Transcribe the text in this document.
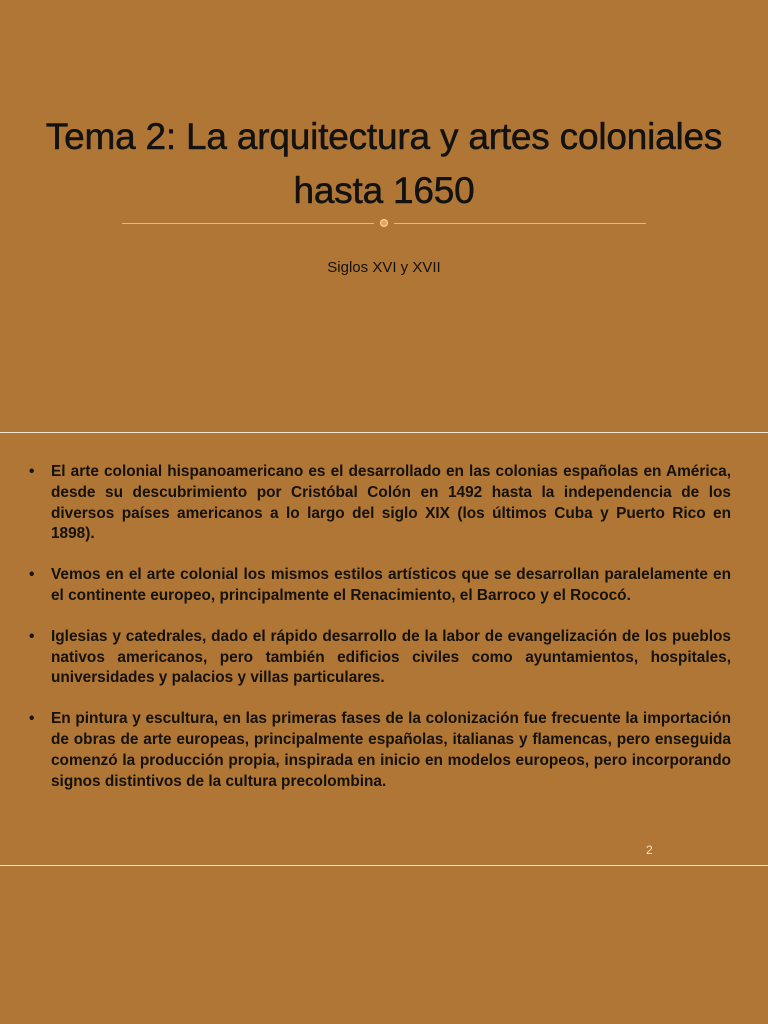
Tema 2: La arquitectura y artes coloniales hasta 1650
Siglos XVI y XVII
• El arte colonial hispanoamericano es el desarrollado en las colonias españolas en América, desde su descubrimiento por Cristóbal Colón en 1492 hasta la independencia de los diversos países americanos a lo largo del siglo XIX (los últimos Cuba y Puerto Rico en 1898).
• Vemos en el arte colonial los mismos estilos artísticos que se desarrollan paralelamente en el continente europeo, principalmente el Renacimiento, el Barroco y el Rococó.
• Iglesias y catedrales, dado el rápido desarrollo de la labor de evangelización de los pueblos nativos americanos, pero también edificios civiles como ayuntamientos, hospitales, universidades y palacios y villas particulares.
• En pintura y escultura, en las primeras fases de la colonización fue frecuente la importación de obras de arte europeas, principalmente españolas, italianas y flamencas, pero enseguida comenzó la producción propia, inspirada en inicio en modelos europeos, pero incorporando signos distintivos de la cultura precolombina.
2
